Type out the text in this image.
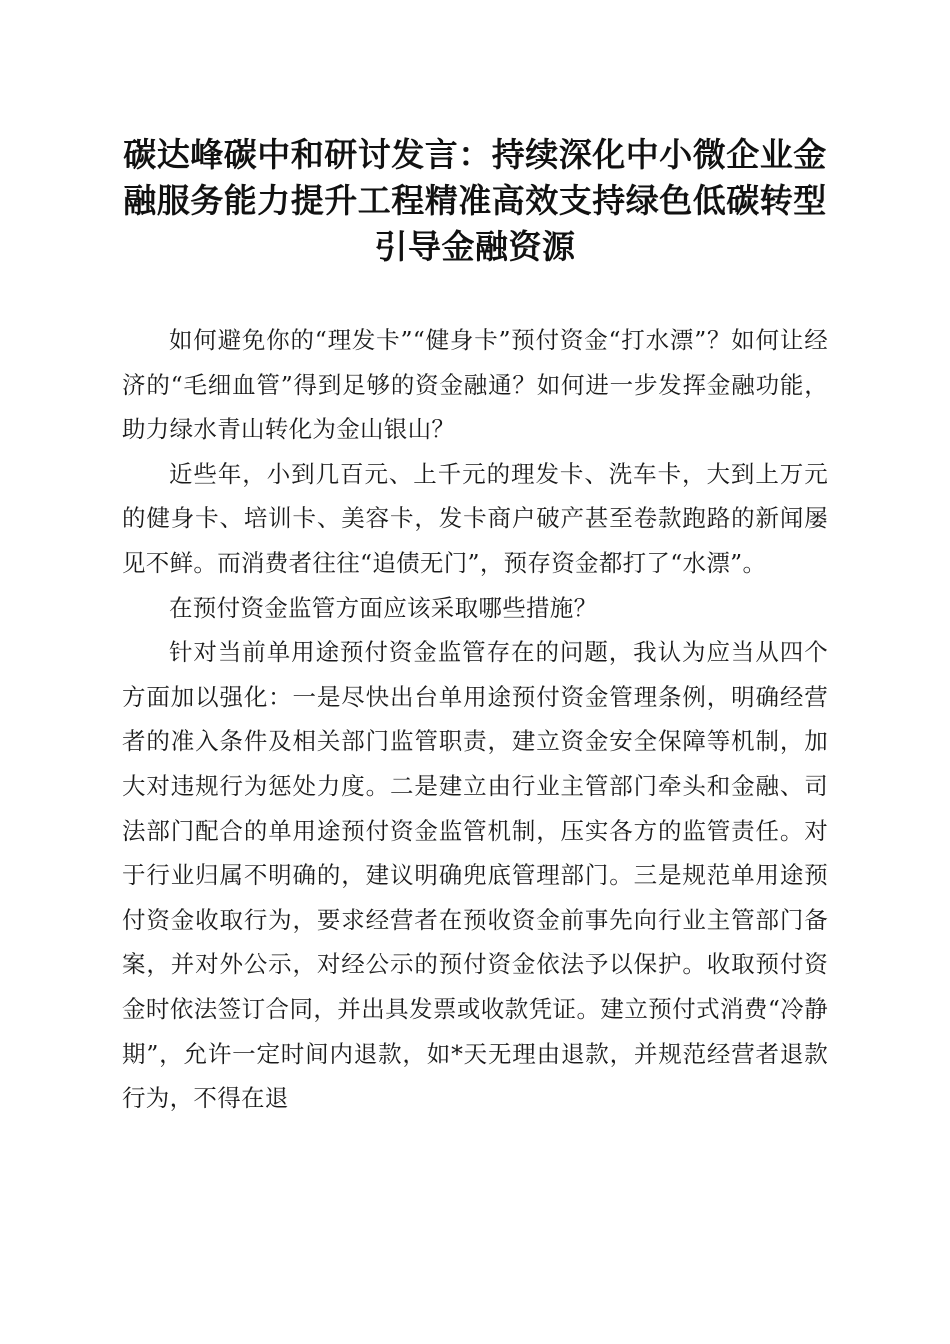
碳达峰碳中和研讨发言：持续深化中小微企业金融服务能力提升工程精准高效支持绿色低碳转型引导金融资源

如何避免你的“理发卡”“健身卡”预付资金“打水漂”？如何让经济的“毛细血管”得到足够的资金融通？如何进一步发挥金融功能，助力绿水青山转化为金山银山？

近些年，小到几百元、上千元的理发卡、洗车卡，大到上万元的健身卡、培训卡、美容卡，发卡商户破产甚至卷款跑路的新闻屡见不鲜。而消费者往往“追债无门”，预存资金都打了“水漂”。

在预付资金监管方面应该采取哪些措施？

针对当前单用途预付资金监管存在的问题，我认为应当从四个方面加以强化：一是尽快出台单用途预付资金管理条例，明确经营者的准入条件及相关部门监管职责，建立资金安全保障等机制，加大对违规行为惩处力度。二是建立由行业主管部门牵头和金融、司法部门配合的单用途预付资金监管机制，压实各方的监管责任。对于行业归属不明确的，建议明确兜底管理部门。三是规范单用途预付资金收取行为，要求经营者在预收资金前事先向行业主管部门备案，并对外公示，对经公示的预付资金依法予以保护。收取预付资金时依法签订合同，并出具发票或收款凭证。建立预付式消费“冷静期”，允许一定时间内退款，如*天无理由退款，并规范经营者退款行为，不得在退
